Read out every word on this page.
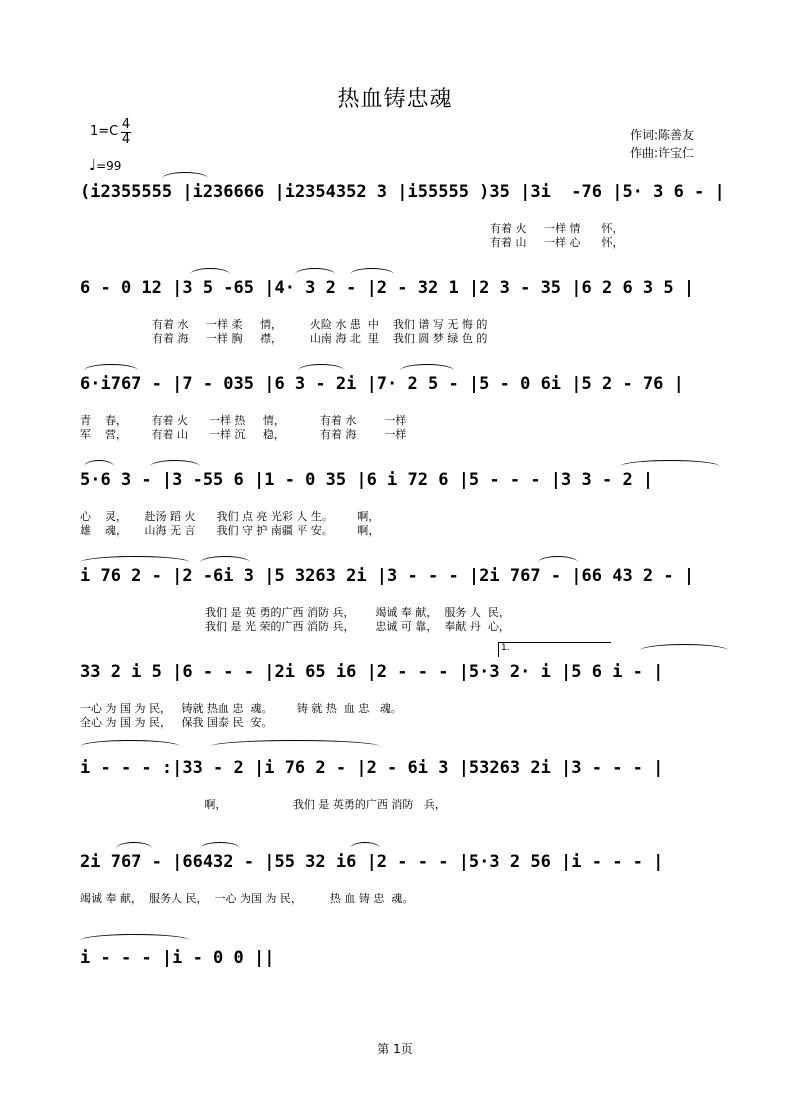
热血铸忠魂
1=C 4
4
♩=99
作词:陈善友
作曲:许宝仁
(i2355555 |i236666 |i2354352 3 |i55555 )35 |3i  -76 |5· 3 6 - |
有着 火     一样 情      怀，
有着 山     一样 心      怀，
6 - 0 12 |3 5 -65 |4· 3 2 - |2 - 32 1 |2 3 - 35 |6 2 6 3 5 |
有着 水     一样 柔     情，        火险 水 患  中    我们 谱 写 无 悔 的
有着 海     一样 胸     襟，        山南 海 北  里    我们 圆 梦 绿 色 的
6·i767 - |7 - 035 |6 3 - 2i |7· 2 5 - |5 - 0 6i |5 2 - 76 |
青    春，       有着 火      一样 热     情，          有着 水        一样
军    营，       有着 山      一样 沉     稳，          有着 海        一样
5·6 3 - |3 -55 6 |1 - 0 35 |6 i 72 6 |5 - - - |3 3 - 2 |
心    灵，     赴汤 蹈 火      我们 点 亮 光彩 人 生。       啊，
雄    魂，     山海 无 言      我们 守 护 南疆 平 安。       啊，
i 76 2 - |2 -6i 3 |5 3263 2i |3 - - - |2i 767 - |66 43 2 - |
我们 是 英 勇的广西 消防 兵，      竭诚 奉 献，  服务 人  民，
我们 是 光 荣的广西 消防 兵，      忠诚 可 靠，  奉献 丹  心，
1.
33 2 i 5 |6 - - - |2i 65 i6 |2 - - - |5·3 2· i |5 6 i - |
一心 为 国 为 民，   铸就 热血 忠  魂。       铸 就 热  血 忠   魂。
全心 为 国 为 民，   保我 国泰 民  安。
i - - - :|33 - 2 |i 76 2 - |2 - 6i 3 |53263 2i |3 - - - |
啊，                   我们 是 英勇的广西 消防   兵，
2i 767 - |66432 - |55 32 i6 |2 - - - |5·3 2 56 |i - - - |
竭诚 奉 献，  服务人 民，  一心 为国 为 民，        热 血 铸 忠  魂。
i - - - |i - 0 0 ||
第 1页
